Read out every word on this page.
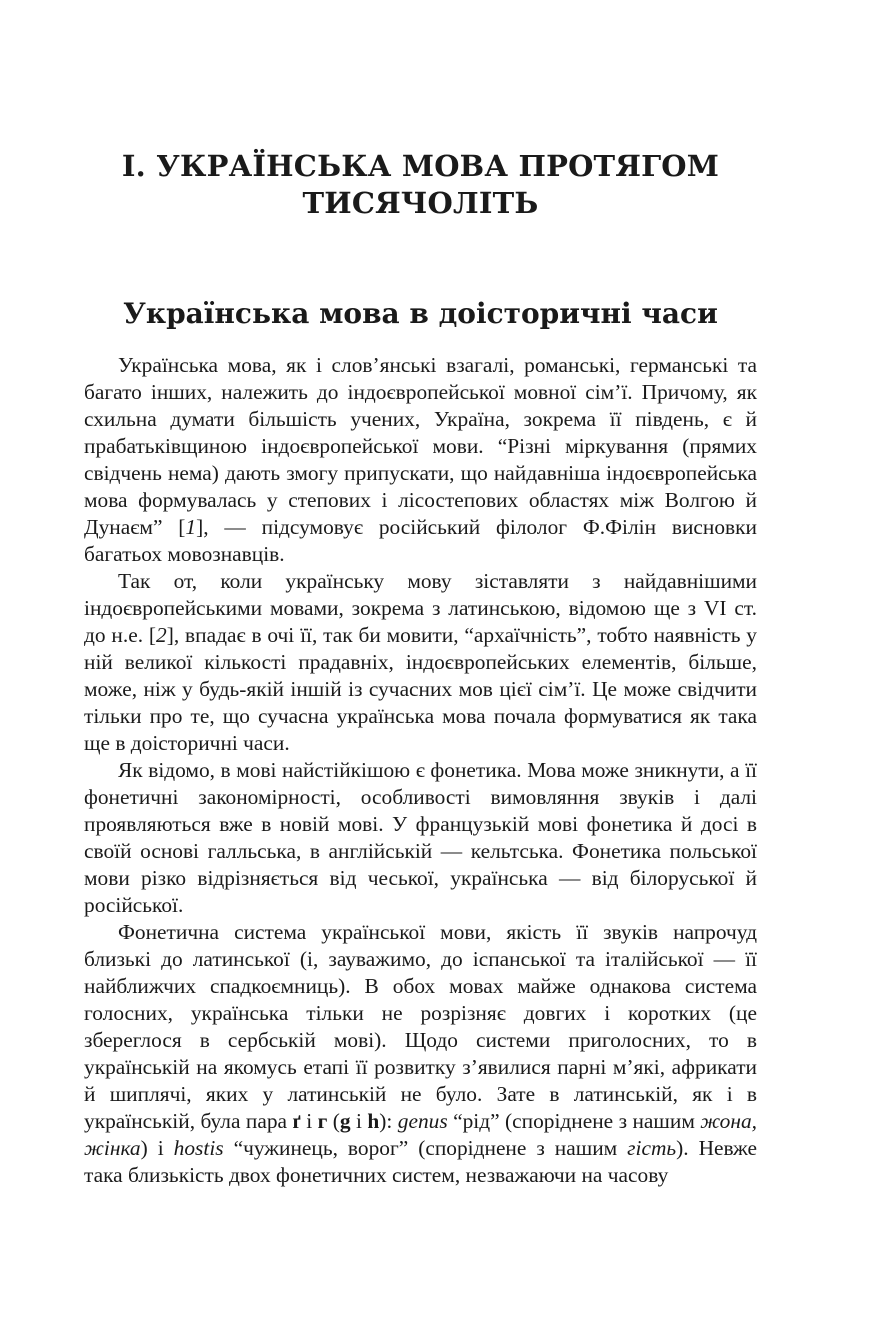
І. УКРАЇНСЬКА МОВА ПРОТЯГОМ
ТИСЯЧОЛІТЬ
Українська мова в доісторичні часи

Українська мова, як і слов’янські взагалі, романські, германські та багато інших, належить до індоєвропейської мовної сім’ї. Причому, як схильна думати більшість учених, Україна, зокрема її південь, є й прабатьківщиною індоєвропейської мови. “Різні міркування (прямих свідчень нема) дають змогу припускати, що найдавніша індоєвропейська мова формувалась у степових і лісостепових областях між Волгою й Дунаєм” [1], — підсумовує російський філолог Ф.Філін висновки багатьох мовознавців.

Так от, коли українську мову зіставляти з найдавнішими індоєвропейськими мовами, зокрема з латинською, відомою ще з VI ст. до н.е. [2], впадає в очі її, так би мовити, “архаїчність”, тобто наявність у ній великої кількості прадавніх, індоєвропейських елементів, більше, може, ніж у будь-якій іншій із сучасних мов цієї сім’ї. Це може свідчити тільки про те, що сучасна українська мова почала формуватися як така ще в доісторичні часи.

Як відомо, в мові найстійкішою є фонетика. Мова може зникнути, а її фонетичні закономірності, особливості вимовляння звуків і далі проявляються вже в новій мові. У французькій мові фонетика й досі в своїй основі галльська, в англійській — кельтська. Фонетика польської мови різко відрізняється від чеської, українська — від білоруської й російської.

Фонетична система української мови, якість її звуків напрочуд близькі до латинської (і, зауважимо, до іспанської та італійської — її найближчих спадкоємниць). В обох мовах майже однакова система голосних, українська тільки не розрізняє довгих і коротких (це збереглося в сербській мові). Щодо системи приголосних, то в українській на якомусь етапі її розвитку з’явилися парні м’які, африкати й шиплячі, яких у латинській не було. Зате в латинській, як і в українській, була пара ґ і г (g і h): genus “рід” (споріднене з нашим жона, жінка) і hostis “чужинець, ворог” (споріднене з нашим гість). Невже така близькість двох фонетичних систем, незважаючи на часову
